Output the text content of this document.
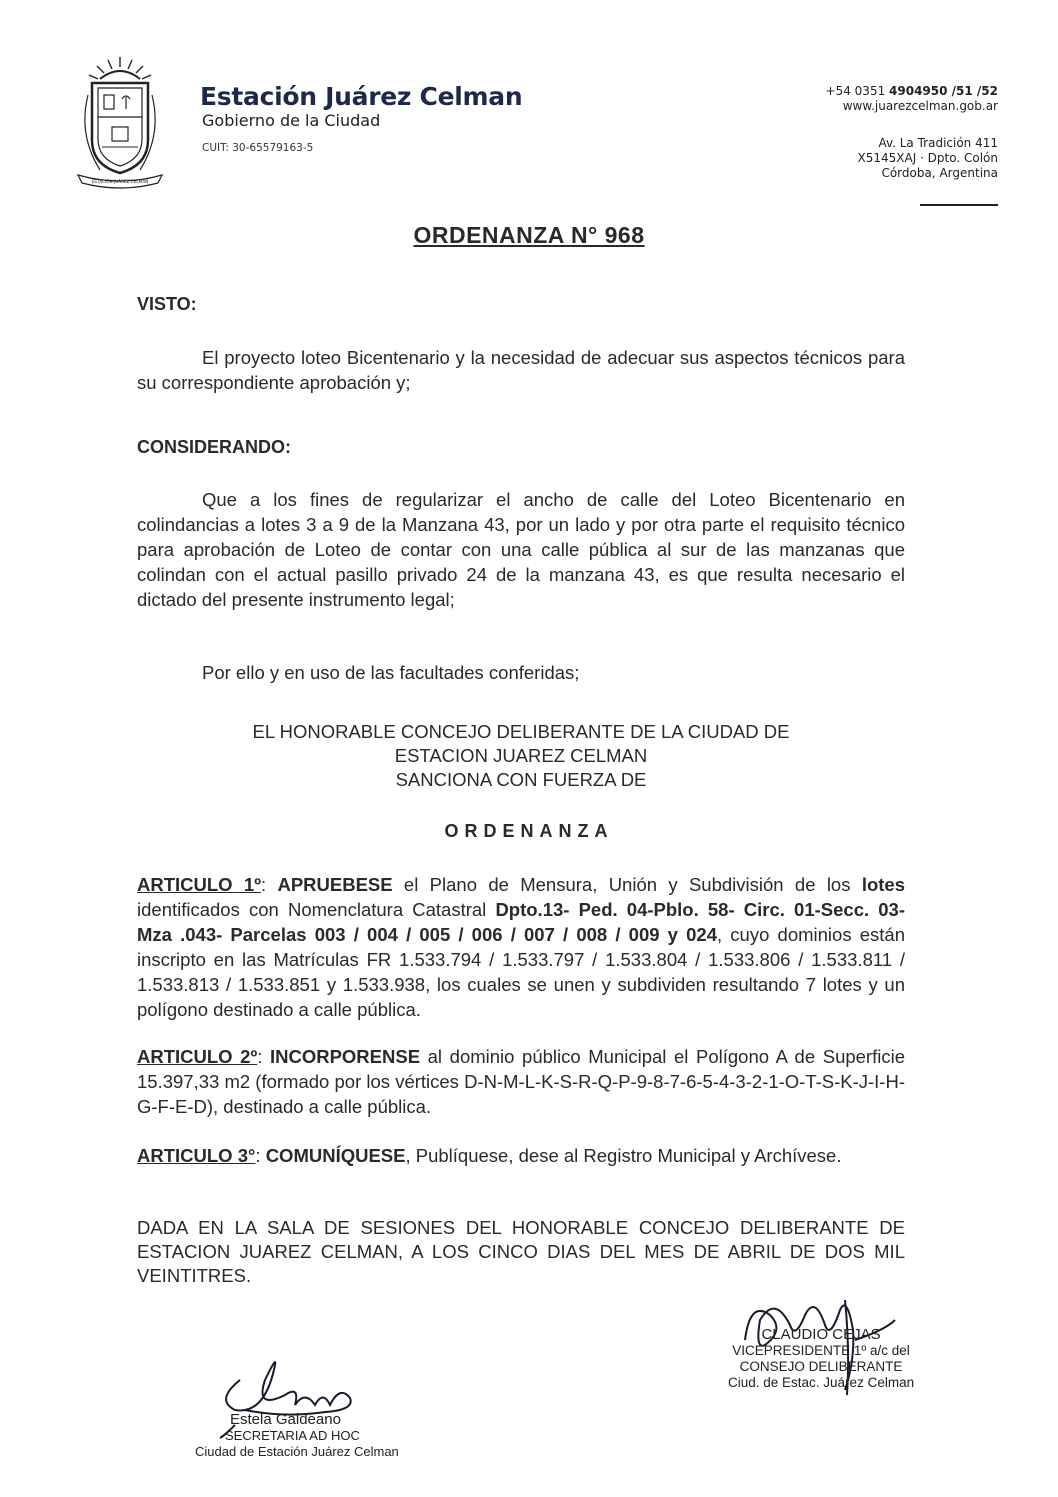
ESTACIÓN JUÁREZ CELMAN
Estación Juárez Celman
Gobierno de la Ciudad
CUIT: 30-65579163-5
+54 0351 4904950 /51 /52
www.juarezcelman.gob.ar
Av. La Tradición 411
X5145XAJ · Dpto. Colón
Córdoba, Argentina
ORDENANZA N° 968
VISTO:
El proyecto loteo Bicentenario y la necesidad de adecuar sus aspectos técnicos para su correspondiente aprobación y;
CONSIDERANDO:
Que a los fines de regularizar el ancho de calle del Loteo Bicentenario en colindancias a lotes 3 a 9 de la Manzana 43, por un lado y por otra parte el requisito técnico para aprobación de Loteo de contar con una calle pública al sur de las manzanas que colindan con el actual pasillo privado 24 de la manzana 43, es que resulta necesario el dictado del presente instrumento legal;
Por ello y en uso de las facultades conferidas;
EL HONORABLE CONCEJO DELIBERANTE DE LA CIUDAD DE
ESTACION JUAREZ CELMAN
SANCIONA CON FUERZA DE
ORDENANZA
ARTICULO 1º: APRUEBESE el Plano de Mensura, Unión y Subdivisión de los lotes identificados con Nomenclatura Catastral Dpto.13- Ped. 04-Pblo. 58- Circ. 01-Secc. 03- Mza .043- Parcelas 003 / 004 / 005 / 006 / 007 / 008 / 009 y 024, cuyo dominios están inscripto en las Matrículas FR 1.533.794 / 1.533.797 / 1.533.804 / 1.533.806 / 1.533.811 / 1.533.813 / 1.533.851 y 1.533.938, los cuales se unen y subdividen resultando 7 lotes y un polígono destinado a calle pública.
ARTICULO 2º: INCORPORENSE al dominio público Municipal el Polígono A de Superficie 15.397,33 m2 (formado por los vértices D-N-M-L-K-S-R-Q-P-9-8-7-6-5-4-3-2-1-O-T-S-K-J-I-H-G-F-E-D), destinado a calle pública.
ARTICULO 3°: COMUNÍQUESE, Publíquese, dese al Registro Municipal y Archívese.
DADA EN LA SALA DE SESIONES DEL HONORABLE CONCEJO DELIBERANTE DE ESTACION JUAREZ CELMAN, A LOS CINCO DIAS DEL MES DE ABRIL DE DOS MIL VEINTITRES.
CLAUDIO CEJAS
VICEPRESIDENTE 1º a/c del
CONSEJO DELIBERANTE
Ciud. de Estac. Juárez Celman
Estela Galdeano
SECRETARIA AD HOC
Ciudad de Estación Juárez Celman
